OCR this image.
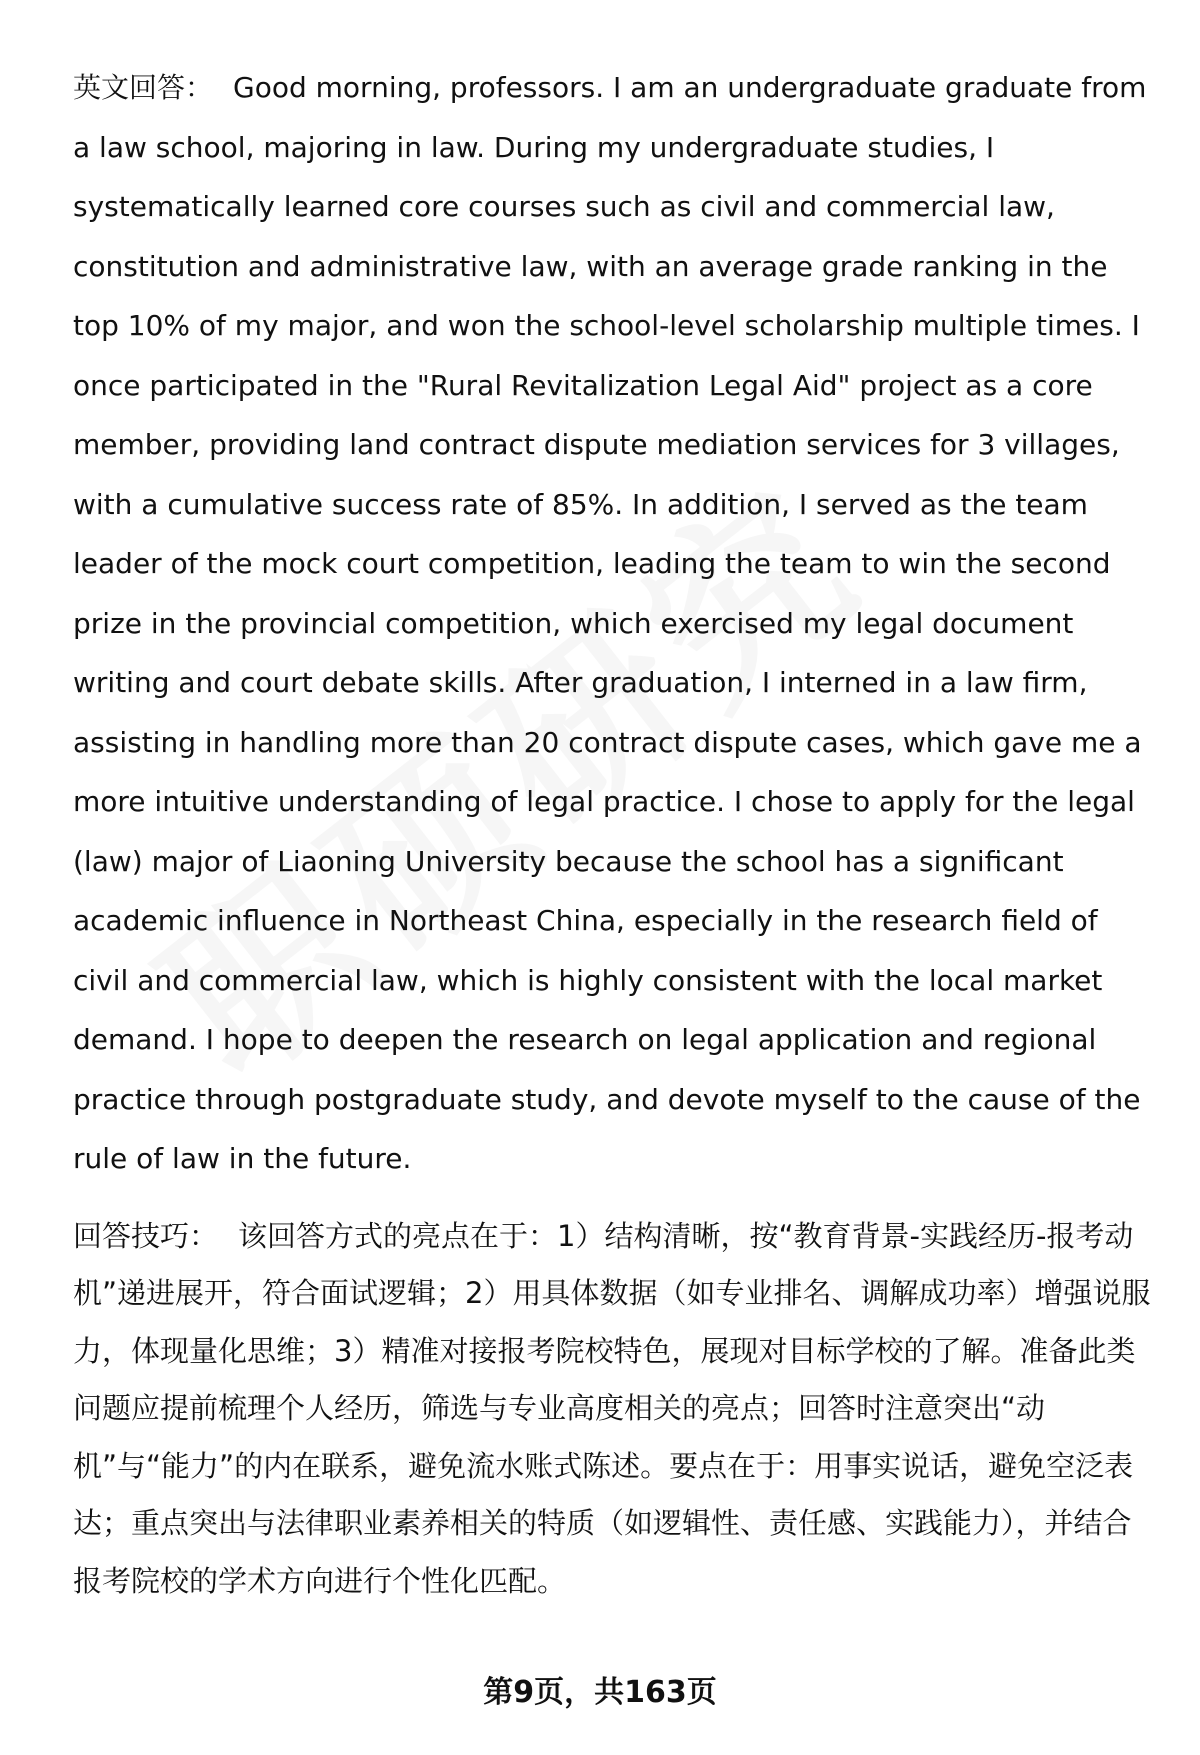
英文回答： Good morning, professors. I am an undergraduate graduate from a law school, majoring in law. During my undergraduate studies, I systematically learned core courses such as civil and commercial law, constitution and administrative law, with an average grade ranking in the top 10% of my major, and won the school-level scholarship multiple times. I once participated in the "Rural Revitalization Legal Aid" project as a core member, providing land contract dispute mediation services for 3 villages, with a cumulative success rate of 85%. In addition, I served as the team leader of the mock court competition, leading the team to win the second prize in the provincial competition, which exercised my legal document writing and court debate skills. After graduation, I interned in a law firm, assisting in handling more than 20 contract dispute cases, which gave me a more intuitive understanding of legal practice. I chose to apply for the legal (law) major of Liaoning University because the school has a significant academic influence in Northeast China, especially in the research field of civil and commercial law, which is highly consistent with the local market demand. I hope to deepen the research on legal application and regional practice through postgraduate study, and devote myself to the cause of the rule of law in the future.

回答技巧： 该回答方式的亮点在于：1）结构清晰，按“教育背景-实践经历-报考动机”递进展开，符合面试逻辑；2）用具体数据（如专业排名、调解成功率）增强说服力，体现量化思维；3）精准对接报考院校特色，展现对目标学校的了解。准备此类问题应提前梳理个人经历，筛选与专业高度相关的亮点；回答时注意突出“动机”与“能力”的内在联系，避免流水账式陈述。要点在于：用事实说话，避免空泛表达；重点突出与法律职业素养相关的特质（如逻辑性、责任感、实践能力），并结合报考院校的学术方向进行个性化匹配。

第9页，共163页
